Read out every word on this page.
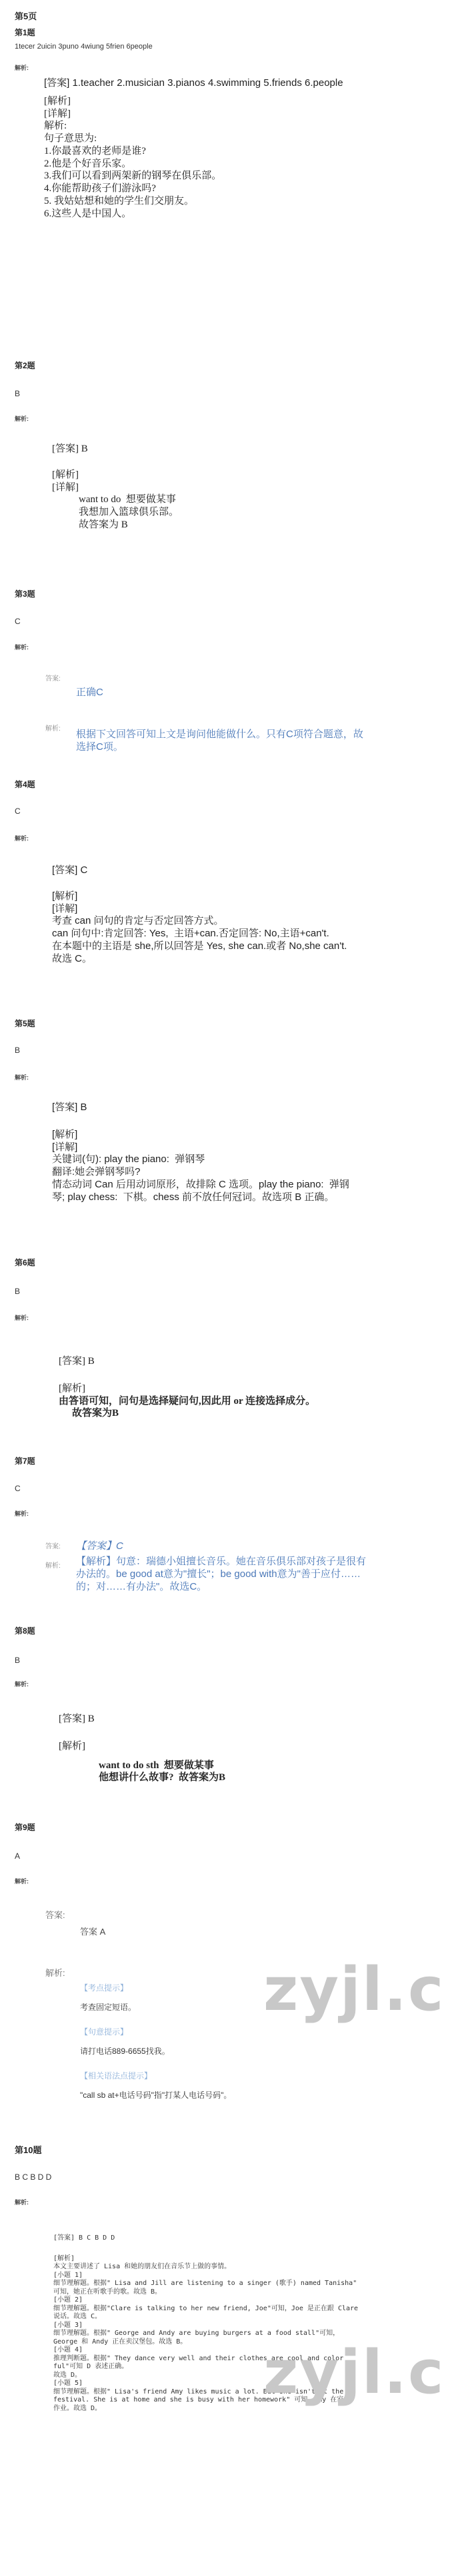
第5页
第1题
1tecer 2uicin 3puno 4wiung 5frien 6people
解析:
[答案] 1.teacher 2.musician 3.pianos 4.swimming 5.friends 6.people
[解析]
[详解]
解析:
句子意思为:
1.你最喜欢的老师是谁?
2.他是个好音乐家。
3.我们可以看到两架新的钢琴在俱乐部。
4.你能帮助孩子们游泳吗?
5. 我姑姑想和她的学生们交朋友。
6.这些人是中国人。
第2题
B
解析:
[答案] B
[解析]
[详解]
want to do  想要做某事
我想加入篮球俱乐部。
故答案为 B
第3题
C
解析:
答案:
正确C
解析: 根据下文回答可知上文是询问他能做什么。只有C项符合题意，故
选择C项。
第4题
C
解析:
[答案] C
[解析]
[详解]
考查 can 问句的肯定与否定回答方式。
can 问句中:肯定回答: Yes,  主语+can.否定回答: No,主语+can't.
在本题中的主语是 she,所以回答是 Yes, she can.或者 No,she can't.
故选 C。
第5题
B
解析:
[答案] B
[解析]
[详解]
关键词(句): play the piano:  弹钢琴
翻译:她会弹钢琴吗?
情态动词 Can 后用动词原形，故排除 C 选项。play the piano:  弹钢
琴; play chess:  下棋。chess 前不放任何冠词。故选项 B 正确。
第6题
B
解析:
[答案] B
[解析]
由答语可知，问句是选择疑问句,因此用 or 连接选择成分。
故答案为B
第7题
C
解析:
答案: 【答案】C
解析: 【解析】句意：瑞德小姐擅长音乐。她在音乐俱乐部对孩子是很有
办法的。be good at意为"擅长"；be good with意为"善于应付……
的；对……有办法"。故选C。
第8题
B
解析:
[答案] B
[解析]
want to do sth  想要做某事
他想讲什么故事?  故答案为B
第9题
A
解析:
答案:
答案 A
解析:
【考点提示】
考查固定短语。
【句意提示】
请打电话889-6655找我。
【相关语法点提示】
"call sb at+电话号码"指"打某人电话号码"。
第10题
B C B D D
解析:
[答案] B C B D D
[解析]
本文主要讲述了 Lisa 和她的朋友们在音乐节上做的事情。
[小题 1]
细节理解题。根据" Lisa and Jill are listening to a singer (歌手) named Tanisha"
可知，她正在听歌手的歌。故选 B。
[小题 2]
细节理解题。根据"Clare is talking to her new friend, Joe"可知，Joe 是正在跟 Clare
说话。故选 C。
[小题 3]
细节理解题。根据" George and Andy are buying burgers at a food stall"可知，
George 和 Andy 正在卖汉堡包。故选 B。
[小题 4]
推理判断题。根据" They dance very well and their clothes are cool and color
ful"可知 D 表述正确。
故选 D。
[小题 5]
细节理解题。根据" Lisa's friend Amy likes music a lot. But she isn't at the
festival. She is at home and she is busy with her homework" 可知，Amy 在家做
作业。故选 D。
zyjl.c
zyjl.c
